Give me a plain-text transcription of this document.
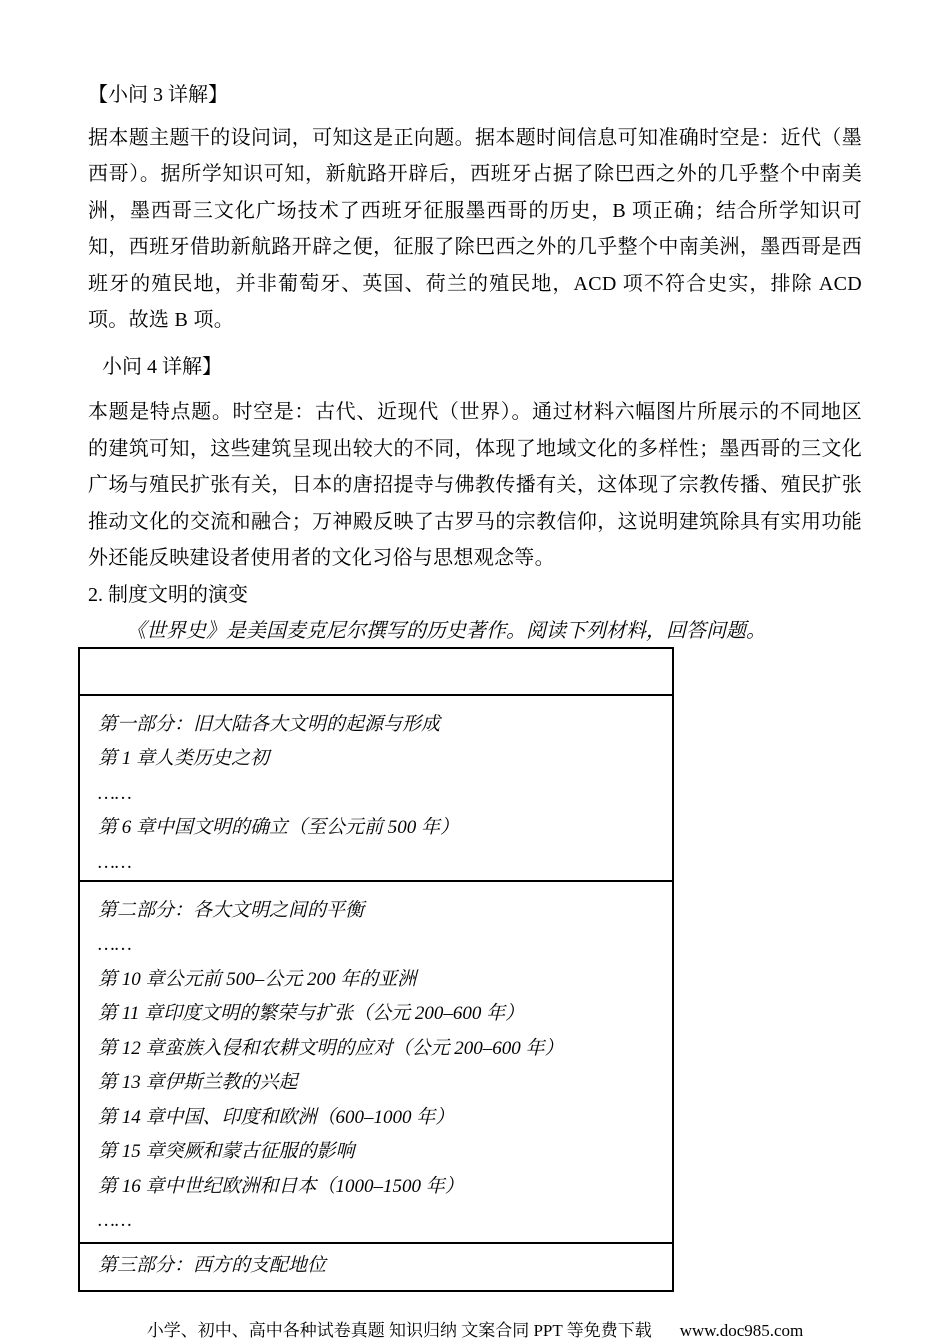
【小问 3 详解】

据本题主题干的设问词，可知这是正向题。据本题时间信息可知准确时空是：近代（墨西哥）。据所学知识可知，新航路开辟后，西班牙占据了除巴西之外的几乎整个中南美洲，墨西哥三文化广场技术了西班牙征服墨西哥的历史，B 项正确；结合所学知识可知，西班牙借助新航路开辟之便，征服了除巴西之外的几乎整个中南美洲，墨西哥是西班牙的殖民地，并非葡萄牙、英国、荷兰的殖民地，ACD 项不符合史实，排除 ACD 项。故选 B 项。

小问 4 详解】

本题是特点题。时空是：古代、近现代（世界）。通过材料六幅图片所展示的不同地区的建筑可知，这些建筑呈现出较大的不同，体现了地域文化的多样性；墨西哥的三文化广场与殖民扩张有关，日本的唐招提寺与佛教传播有关，这体现了宗教传播、殖民扩张推动文化的交流和融合；万神殿反映了古罗马的宗教信仰，这说明建筑除具有实用功能外还能反映建设者使用者的文化习俗与思想观念等。

2. 制度文明的演变
《世界史》是美国麦克尼尔撰写的历史著作。阅读下列材料，回答问题。
第一部分：旧大陆各大文明的起源与形成
第 1 章人类历史之初
……
第 6 章中国文明的确立（至公元前 500 年）
……
第二部分：各大文明之间的平衡
……
第 10 章公元前 500–公元 200 年的亚洲
第 11 章印度文明的繁荣与扩张（公元 200–600 年）
第 12 章蛮族入侵和农耕文明的应对（公元 200–600 年）
第 13 章伊斯兰教的兴起
第 14 章中国、印度和欧洲（600–1000 年）
第 15 章突厥和蒙古征服的影响
第 16 章中世纪欧洲和日本（1000–1500 年）
……
第三部分：西方的支配地位
小学、初中、高中各种试卷真题 知识归纳 文案合同 PPT 等免费下载 www.doc985.com
